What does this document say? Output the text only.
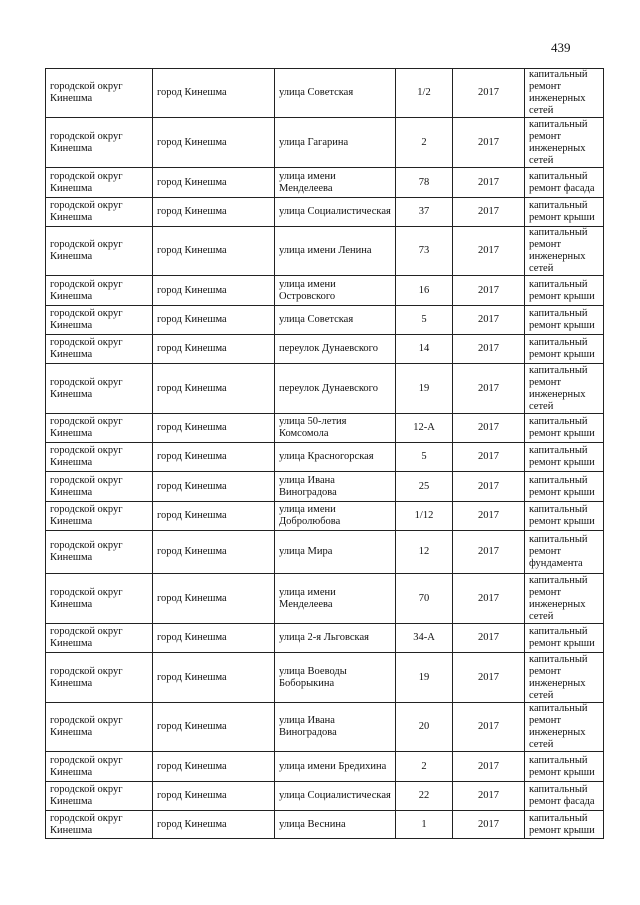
439
городской округ Кинешма	город Кинешма	улица Советская	1/2	2017	капитальный ремонт инженерных сетей
городской округ Кинешма	город Кинешма	улица Гагарина	2	2017	капитальный ремонт инженерных сетей
городской округ Кинешма	город Кинешма	улица имени Менделеева	78	2017	капитальный ремонт фасада
городской округ Кинешма	город Кинешма	улица Социалистическая	37	2017	капитальный ремонт крыши
городской округ Кинешма	город Кинешма	улица имени Ленина	73	2017	капитальный ремонт инженерных сетей
городской округ Кинешма	город Кинешма	улица имени Островского	16	2017	капитальный ремонт крыши
городской округ Кинешма	город Кинешма	улица Советская	5	2017	капитальный ремонт крыши
городской округ Кинешма	город Кинешма	переулок Дунаевского	14	2017	капитальный ремонт крыши
городской округ Кинешма	город Кинешма	переулок Дунаевского	19	2017	капитальный ремонт инженерных сетей
городской округ Кинешма	город Кинешма	улица 50-летия Комсомола	12-А	2017	капитальный ремонт крыши
городской округ Кинешма	город Кинешма	улица Красногорская	5	2017	капитальный ремонт крыши
городской округ Кинешма	город Кинешма	улица Ивана Виноградова	25	2017	капитальный ремонт крыши
городской округ Кинешма	город Кинешма	улица имени Добролюбова	1/12	2017	капитальный ремонт крыши
городской округ Кинешма	город Кинешма	улица Мира	12	2017	капитальный ремонт фундамента
городской округ Кинешма	город Кинешма	улица имени Менделеева	70	2017	капитальный ремонт инженерных сетей
городской округ Кинешма	город Кинешма	улица 2-я Льговская	34-А	2017	капитальный ремонт крыши
городской округ Кинешма	город Кинешма	улица Воеводы Боборыкина	19	2017	капитальный ремонт инженерных сетей
городской округ Кинешма	город Кинешма	улица Ивана Виноградова	20	2017	капитальный ремонт инженерных сетей
городской округ Кинешма	город Кинешма	улица имени Бредихина	2	2017	капитальный ремонт крыши
городской округ Кинешма	город Кинешма	улица Социалистическая	22	2017	капитальный ремонт фасада
городской округ Кинешма	город Кинешма	улица Веснина	1	2017	капитальный ремонт крыши
